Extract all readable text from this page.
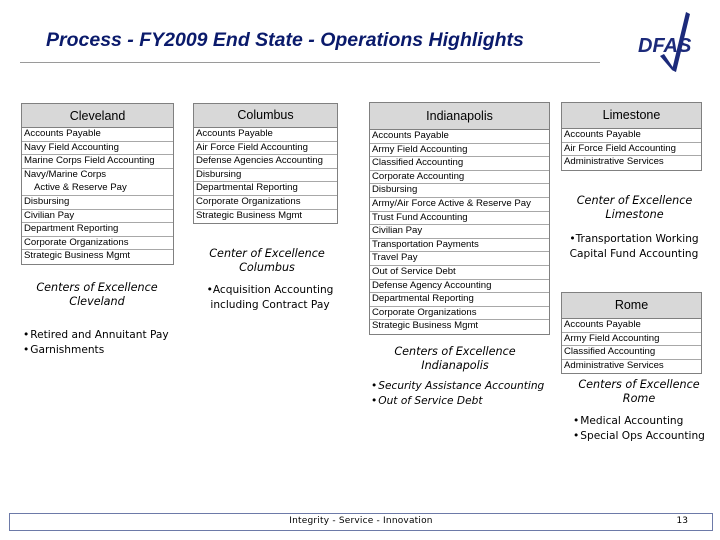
Process - FY2009 End State - Operations Highlights	DFAS
Cleveland
Accounts Payable
Navy Field Accounting
Marine Corps Field Accounting
Navy/Marine Corps
Active & Reserve Pay
Disbursing
Civilian Pay
Department Reporting
Corporate Organizations
Strategic Business Mgmt
Columbus
Accounts Payable
Air Force Field Accounting
Defense Agencies Accounting
Disbursing
Departmental Reporting
Corporate Organizations
Strategic Business Mgmt
Indianapolis
Accounts Payable
Army Field Accounting
Classified Accounting
Corporate Accounting
Disbursing
Army/Air Force Active & Reserve Pay
Trust Fund Accounting
Civilian Pay
Transportation Payments
Travel Pay
Out of Service Debt
Defense Agency Accounting
Departmental Reporting
Corporate Organizations
Strategic Business Mgmt
Limestone
Accounts Payable
Air Force Field Accounting
Administrative Services
Rome
Accounts Payable
Army Field Accounting
Classified Accounting
Administrative Services
Centers of Excellence
Cleveland
• Retired and Annuitant Pay
• Garnishments
Center of Excellence
Columbus
•Acquisition Accounting
including Contract Pay
Centers of Excellence
Indianapolis
• Security Assistance Accounting
• Out of Service Debt
Center of Excellence
Limestone
•Transportation Working
Capital Fund Accounting
Centers of Excellence
Rome
• Medical Accounting
• Special Ops Accounting
Integrity - Service - Innovation	13
